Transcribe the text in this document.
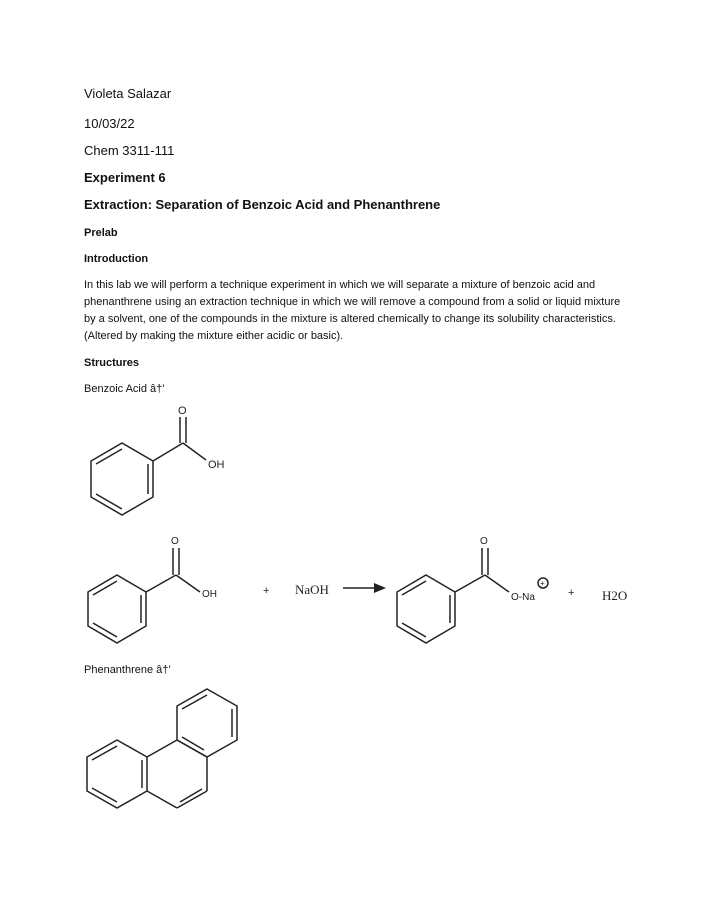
Violeta Salazar
10/03/22
Chem 3311-111
Experiment 6
Extraction: Separation of Benzoic Acid and Phenanthrene
Prelab
Introduction
In this lab we will perform a technique experiment in which we will separate a mixture of benzoic acid and phenanthrene using an extraction technique in which we will remove a compound from a solid or liquid mixture by a solvent, one of the compounds in the mixture is altered chemically to change its solubility characteristics. (Altered by making the mixture either acidic or basic).
Structures
Benzoic Acid â†’
O
OH
O
OH	+ NaOH
O
O-Na
+
+ H2O
Phenanthrene â†’
